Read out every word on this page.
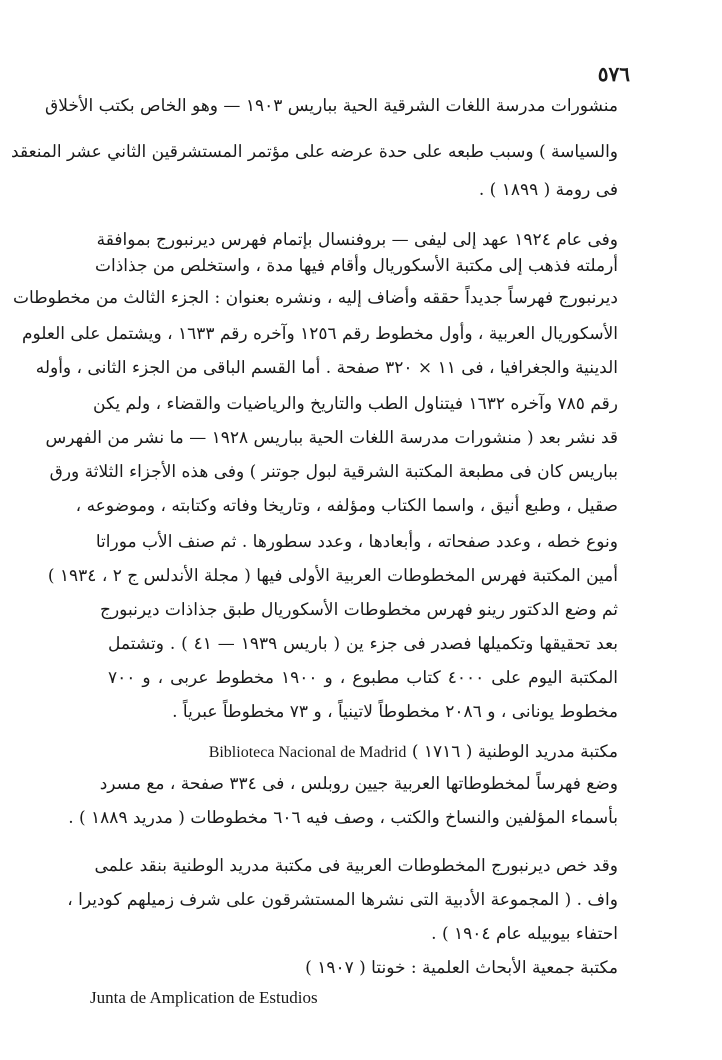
٥٧٦
منشورات مدرسة اللغات الشرقية الحية بباريس ١٩٠٣ — وهو الخاص بكتب الأخلاق
والسياسة ) وسبب طبعه على حدة عرضه على مؤتمر المستشرقين الثاني عشر المنعقد
فى رومة ( ١٨٩٩ ) .
وفى عام ١٩٢٤ عهد إلى ليفى — بروفنسال بإتمام فهرس ديرنبورج بموافقة
أرملته فذهب إلى مكتبة الأسكوريال وأقام فيها مدة ، واستخلص من جذاذات
ديرنبورج فهرساً جديداً حققه وأضاف إليه ، ونشره بعنوان : الجزء الثالث من مخطوطات
الأسكوريال العربية ، وأول مخطوط رقم ١٢٥٦ وآخره رقم ١٦٣٣ ، ويشتمل على العلوم
الدينية والجغرافيا ، فى ١١ × ٣٢٠ صفحة . أما القسم الباقى من الجزء الثانى ، وأوله
رقم ٧٨٥ وآخره ١٦٣٢ فيتناول الطب والتاريخ والرياضيات والقضاء ، ولم يكن
قد نشر بعد ( منشورات مدرسة اللغات الحية بباريس ١٩٢٨ — ما نشر من الفهرس
بباريس كان فى مطبعة المكتبة الشرقية لبول جوتنر ) وفى هذه الأجزاء الثلاثة ورق
صقيل ، وطبع أنيق ، واسما الكتاب ومؤلفه ، وتاريخا وفاته وكتابته ، وموضوعه ،
ونوع خطه ، وعدد صفحاته ، وأبعادها ، وعدد سطورها . ثم صنف الأب موراتا
أمين المكتبة فهرس المخطوطات العربية الأولى فيها ( مجلة الأندلس ج ٢ ، ١٩٣٤ )
ثم وضع الدكتور رينو فهرس مخطوطات الأسكوريال طبق جذاذات ديرنبورج
بعد تحقيقها وتكميلها فصدر فى جزء ين ( باريس ١٩٣٩ — ٤١ ) . وتشتمل
المكتبة اليوم على ٤٠٠٠ كتاب مطبوع ، و ١٩٠٠ مخطوط عربى ، و ٧٠٠
مخطوط يونانى ، و ٢٠٨٦ مخطوطاً لاتينياً ، و ٧٣ مخطوطاً عبرياً .
مكتبة مدريد الوطنية ( ١٧١٦ ) Biblioteca Nacional de Madrid
وضع فهرساً لمخطوطاتها العربية جيين روبلس ، فى ٣٣٤ صفحة ، مع مسرد
بأسماء المؤلفين والنساخ والكتب ، وصف فيه ٦٠٦ مخطوطات ( مدريد ١٨٨٩ ) .
وقد خص ديرنبورج المخطوطات العربية فى مكتبة مدريد الوطنية بنقد علمى
واف . ( المجموعة الأدبية التى نشرها المستشرقون على شرف زميلهم كوديرا ،
احتفاء بيوبيله عام ١٩٠٤ ) .
مكتبة جمعية الأبحاث العلمية : خونتا ( ١٩٠٧ )
Junta de Amplication de Estudios
